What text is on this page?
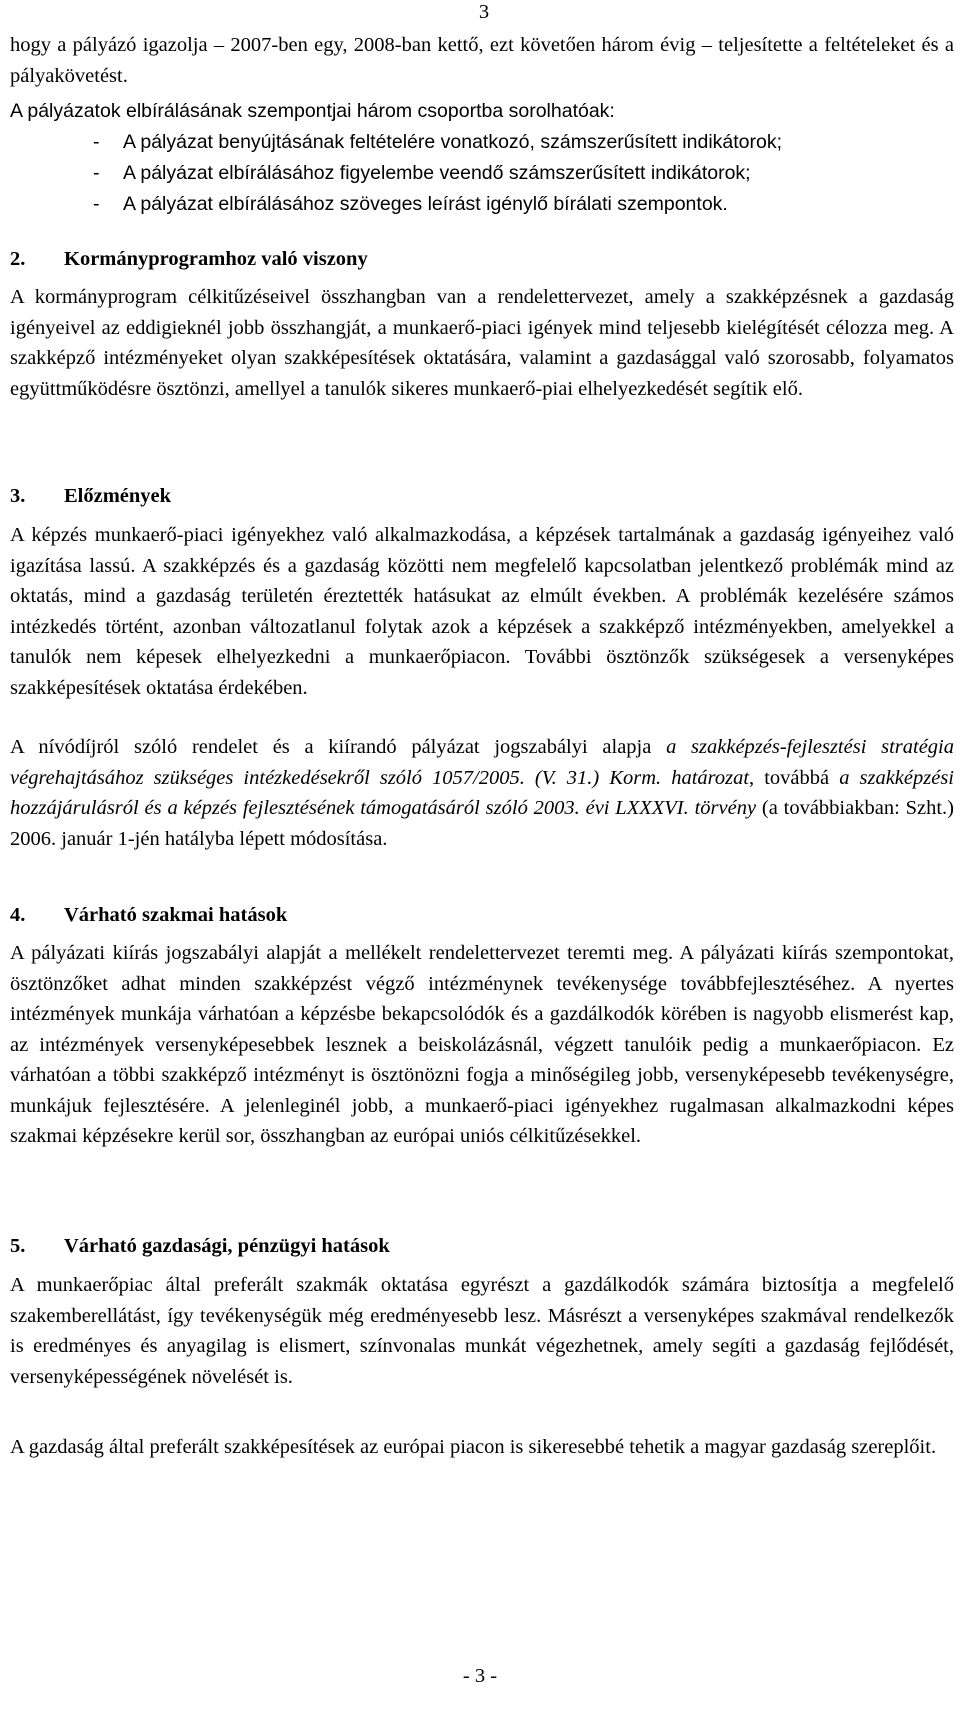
3

hogy a pályázó igazolja – 2007-ben egy, 2008-ban kettő, ezt követően három évig – teljesítette a feltételeket és a pályakövetést.

A pályázatok elbírálásának szempontjai három csoportba sorolhatóak:

-	A pályázat benyújtásának feltételére vonatkozó, számszerűsített indikátorok;
-	A pályázat elbírálásához figyelembe veendő számszerűsített indikátorok;
-	A pályázat elbírálásához szöveges leírást igénylő bírálati szempontok.
2. Kormányprogramhoz való viszony

A kormányprogram célkitűzéseivel összhangban van a rendelettervezet, amely a szakképzésnek a gazdaság igényeivel az eddigieknél jobb összhangját, a munkaerő-piaci igények mind teljesebb kielégítését célozza meg. A szakképző intézményeket olyan szakképesítések oktatására, valamint a gazdasággal való szorosabb, folyamatos együttműködésre ösztönzi, amellyel a tanulók sikeres munkaerő-piai elhelyezkedését segítik elő.

3. Előzmények

A képzés munkaerő-piaci igényekhez való alkalmazkodása, a képzések tartalmának a gazdaság igényeihez való igazítása lassú. A szakképzés és a gazdaság közötti nem megfelelő kapcsolatban jelentkező problémák mind az oktatás, mind a gazdaság területén éreztették hatásukat az elmúlt években. A problémák kezelésére számos intézkedés történt, azonban változatlanul folytak azok a képzések a szakképző intézményekben, amelyekkel a tanulók nem képesek elhelyezkedni a munkaerőpiacon. További ösztönzők szükségesek a versenyképes szakképesítések oktatása érdekében.

A nívódíjról szóló rendelet és a kiírandó pályázat jogszabályi alapja a szakképzés-fejlesztési stratégia végrehajtásához szükséges intézkedésekről szóló 1057/2005. (V. 31.) Korm. határozat, továbbá a szakképzési hozzájárulásról és a képzés fejlesztésének támogatásáról szóló 2003. évi LXXXVI. törvény (a továbbiakban: Szht.) 2006. január 1-jén hatályba lépett módosítása.

4. Várható szakmai hatások

A pályázati kiírás jogszabályi alapját a mellékelt rendelettervezet teremti meg. A pályázati kiírás szempontokat, ösztönzőket adhat minden szakképzést végző intézménynek tevékenysége továbbfejlesztéséhez. A nyertes intézmények munkája várhatóan a képzésbe bekapcsolódók és a gazdálkodók körében is nagyobb elismerést kap, az intézmények versenyképesebbek lesznek a beiskolázásnál, végzett tanulóik pedig a munkaerőpiacon. Ez várhatóan a többi szakképző intézményt is ösztönözni fogja a minőségileg jobb, versenyképesebb tevékenységre, munkájuk fejlesztésére. A jelenleginél jobb, a munkaerő-piaci igényekhez rugalmasan alkalmazkodni képes szakmai képzésekre kerül sor, összhangban az európai uniós célkitűzésekkel.

5. Várható gazdasági, pénzügyi hatások

A munkaerőpiac által preferált szakmák oktatása egyrészt a gazdálkodók számára biztosítja a megfelelő szakemberellátást, így tevékenységük még eredményesebb lesz. Másrészt a versenyképes szakmával rendelkezők is eredményes és anyagilag is elismert, színvonalas munkát végezhetnek, amely segíti a gazdaság fejlődését, versenyképességének növelését is.

A gazdaság által preferált szakképesítések az európai piacon is sikeresebbé tehetik a magyar gazdaság szereplőit.

- 3 -
